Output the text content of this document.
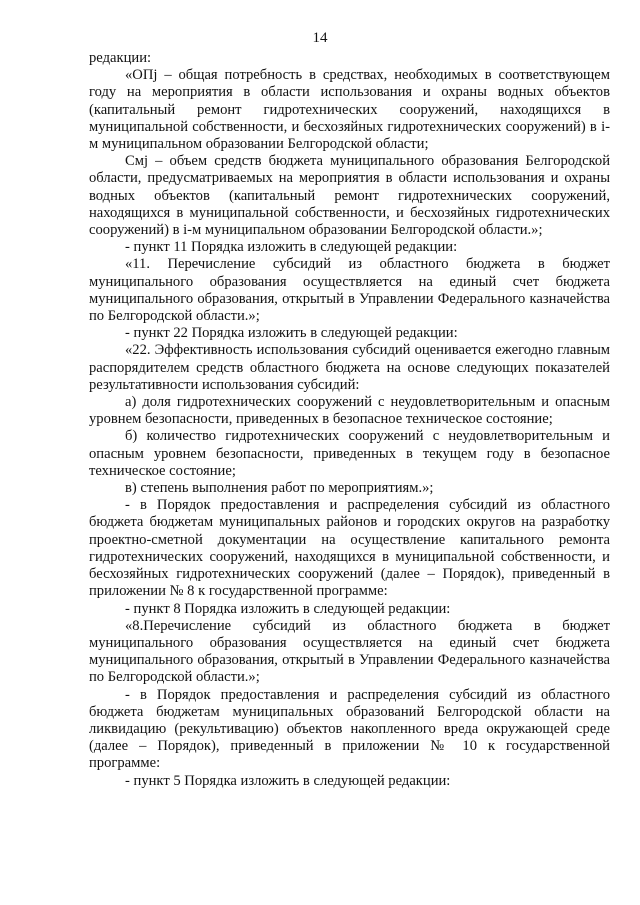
14

редакции:

«ОПj – общая потребность в средствах, необходимых в соответствующем году на мероприятия в области использования и охраны водных объектов (капитальный ремонт гидротехнических сооружений, находящихся в муниципальной собственности, и бесхозяйных гидротехнических сооружений) в i-м муниципальном образовании Белгородской области;

Смj – объем средств бюджета муниципального образования Белгородской области, предусматриваемых на мероприятия в области использования и охраны водных объектов (капитальный ремонт гидротехнических сооружений, находящихся в муниципальной собственности, и бесхозяйных гидротехнических сооружений) в i-м муниципальном образовании Белгородской области.»;

- пункт 11 Порядка изложить в следующей редакции:

«11. Перечисление субсидий из областного бюджета в бюджет муниципального образования осуществляется на единый счет бюджета муниципального образования, открытый в Управлении Федерального казначейства по Белгородской области.»;

- пункт 22 Порядка изложить в следующей редакции:

«22. Эффективность использования субсидий оценивается ежегодно главным распорядителем средств областного бюджета на основе следующих показателей результативности использования субсидий:

а) доля гидротехнических сооружений с неудовлетворительным и опасным уровнем безопасности, приведенных в безопасное техническое состояние;

б) количество гидротехнических сооружений с неудовлетворительным и опасным уровнем безопасности, приведенных в текущем году в безопасное техническое состояние;

в) степень выполнения работ по мероприятиям.»;

- в Порядок предоставления и распределения субсидий из областного бюджета бюджетам муниципальных районов и городских округов на разработку проектно-сметной документации на осуществление капитального ремонта гидротехнических сооружений, находящихся в муниципальной собственности, и бесхозяйных гидротехнических сооружений (далее – Порядок), приведенный в приложении № 8 к государственной программе:

- пункт 8 Порядка изложить в следующей редакции:

«8.Перечисление субсидий из областного бюджета в бюджет муниципального образования осуществляется на единый счет бюджета муниципального образования, открытый в Управлении Федерального казначейства по Белгородской области.»;

- в Порядок предоставления и распределения субсидий из областного бюджета бюджетам муниципальных образований Белгородской области на ликвидацию (рекультивацию) объектов накопленного вреда окружающей среде (далее – Порядок), приведенный в приложении № 10 к государственной программе:

- пункт 5 Порядка изложить в следующей редакции:
